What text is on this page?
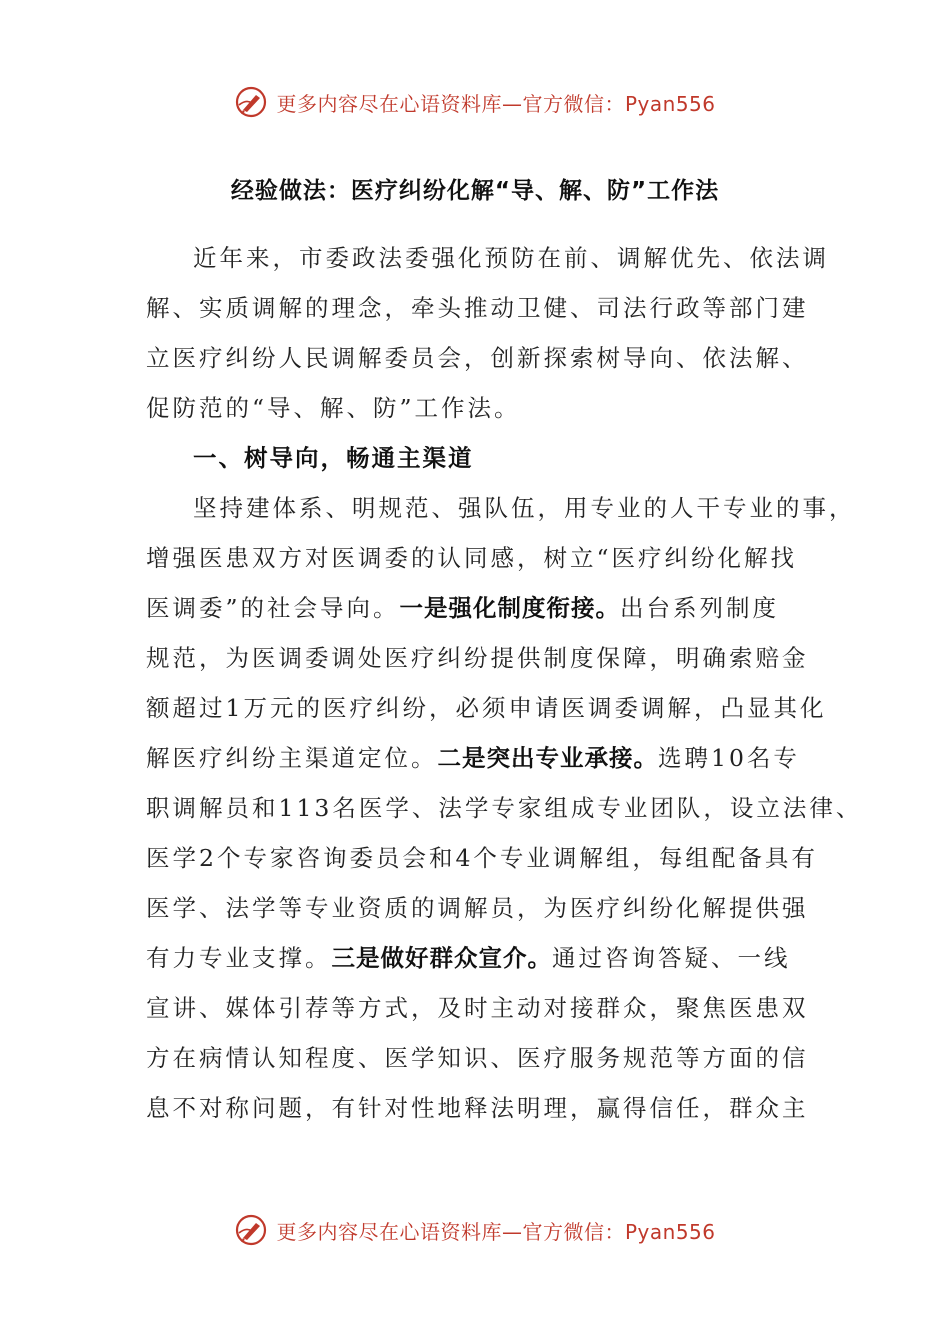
更多内容尽在心语资料库—官方微信：Pyan556
经验做法：医疗纠纷化解“导、解、防”工作法
近年来，市委政法委强化预防在前、调解优先、依法调
解、实质调解的理念，牵头推动卫健、司法行政等部门建
立医疗纠纷人民调解委员会，创新探索树导向、依法解、
促防范的“导、解、防”工作法。
一、树导向，畅通主渠道
坚持建体系、明规范、强队伍，用专业的人干专业的事，
增强医患双方对医调委的认同感，树立“医疗纠纷化解找
医调委”的社会导向。一是强化制度衔接。出台系列制度
规范，为医调委调处医疗纠纷提供制度保障，明确索赔金
额超过1万元的医疗纠纷，必须申请医调委调解，凸显其化
解医疗纠纷主渠道定位。二是突出专业承接。选聘10名专
职调解员和113名医学、法学专家组成专业团队，设立法律、
医学2个专家咨询委员会和4个专业调解组，每组配备具有
医学、法学等专业资质的调解员，为医疗纠纷化解提供强
有力专业支撑。三是做好群众宣介。通过咨询答疑、一线
宣讲、媒体引荐等方式，及时主动对接群众，聚焦医患双
方在病情认知程度、医学知识、医疗服务规范等方面的信
息不对称问题，有针对性地释法明理，赢得信任，群众主
更多内容尽在心语资料库—官方微信：Pyan556
